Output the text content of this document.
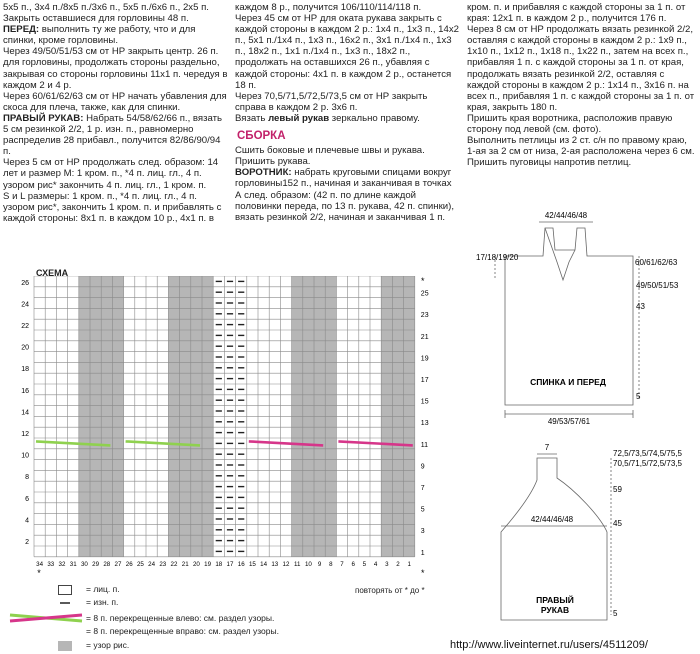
5x5 п., 3x4 п./8x5 п./3x6 п., 5x5 п./6x6 п., 2x5 п.

Закрыть оставшиеся для горловины 48 п.

ПЕРЕД: выполнить ту же работу, что и для спинки, кроме горловины.

Через 49/50/51/53 см от НР закрыть центр. 26 п. для горловины, продолжать стороны раздельно, закрывая со стороны горловины 11x1 п. чередуя в каждом 2 и 4 р.

Через 60/61/62/63 см от НР начать убавления для скоса для плеча, также, как для спинки.

ПРАВЫЙ РУКАВ: Набрать 54/58/62/66 п., вязать 5 см резинкой 2/2, 1 р. изн. п., равномерно распределив 28 прибавл., получится 82/86/90/94 п.

Через 5 см от НР продолжать след. образом: 14 лет и размер М: 1 кром. п., *4 п. лиц. гл., 4 п. узором рис* закончить 4 п. лиц. гл., 1 кром. п.

S и L размеры: 1 кром. п., *4 п. лиц. гл., 4 п. узором рис*, закончить 1 кром. п. и прибавлять с каждой стороны: 8x1 п. в каждом 10 р., 4x1 п. в

каждом 8 р., получится 106/110/114/118 п.

Через 45 см от НР для оката рукава закрыть с каждой стороны в каждом 2 р.: 1x4 п., 1x3 п., 14x2 п., 5x1 п./1x4 п., 1x3 п., 16x2 п., 3x1 п./1x4 п., 1x3 п., 18x2 п., 1x1 п./1x4 п., 1x3 п., 18x2 п., продолжать на оставшихся 26 п., убавляя с каждой стороны: 4x1 п. в каждом 2 р., останется 18 п.

Через 70,5/71,5/72,5/73,5 см от НР закрыть справа в каждом 2 р. 3x6 п.

Вязать левый рукав зеркально правому.

СБОРКА

Сшить боковые и плечевые швы и рукава. Пришить рукава.

ВОРОТНИК: набрать круговыми спицами вокруг горловины152 п., начиная и заканчивая в точках А след. образом: (42 п. по длине каждой половинки переда, по 13 п. рукава, 42 п. спинки), вязать резинкой 2/2, начиная и заканчивая 1 п.

кром. п. и прибавляя с каждой стороны за 1 п. от края: 12x1 п. в каждом 2 р., получится 176 п.

Через 8 см от НР продолжать вязать резинкой 2/2, оставляя с каждой стороны в каждом 2 р.: 1x9 п., 1x10 п., 1x12 п., 1x18 п., 1x22 п., затем на всех п., прибавляя 1 п. с каждой стороны за 1 п. от края, продолжать вязать резинкой 2/2, оставляя с каждой стороны в каждом 2 р.: 1x14 п., 3x16 п. на всех п., прибавляя 1 п. с каждой стороны за 1 п. от края, закрыть 180 п.

Пришить края воротника, расположив правую сторону под левой (см. фото).

Выполнить петлицы из 2 ст. с/н по правому краю, 1-ая за 2 см от низа, 2-ая расположена через 6 см. Пришить пуговицы напротив петлиц.

СХЕМА
26
24
22
20
18
16
14
12
10
8
6
4
2
25
23
21
19
17
15
13
11
9
7
5
3
1
34 33 32 31 30 29 28 27 26 25 24 23 22 21 20 19 18 17 16 15 14 13 12 11 10 9 8 7 6 5 4 3 2 1
*	*
*
= лиц. п.
= изн. п.
= 8 п. перекрещенные влево: см. раздел узоры.
= 8 п. перекрещенные вправо: см. раздел узоры.
= узор рис.
повторять от * до *
42/44/46/48
17/18/19/20
60/61/62/63
49/50/51/53
43
5
СПИНКА И ПЕРЕД
49/53/57/61
7
72,5/73,5/74,5/75,5
70,5/71,5/72,5/73,5
59
45
5
42/44/46/48
ПРАВЫЙ
РУКАВ
http://www.liveinternet.ru/users/4511209/
